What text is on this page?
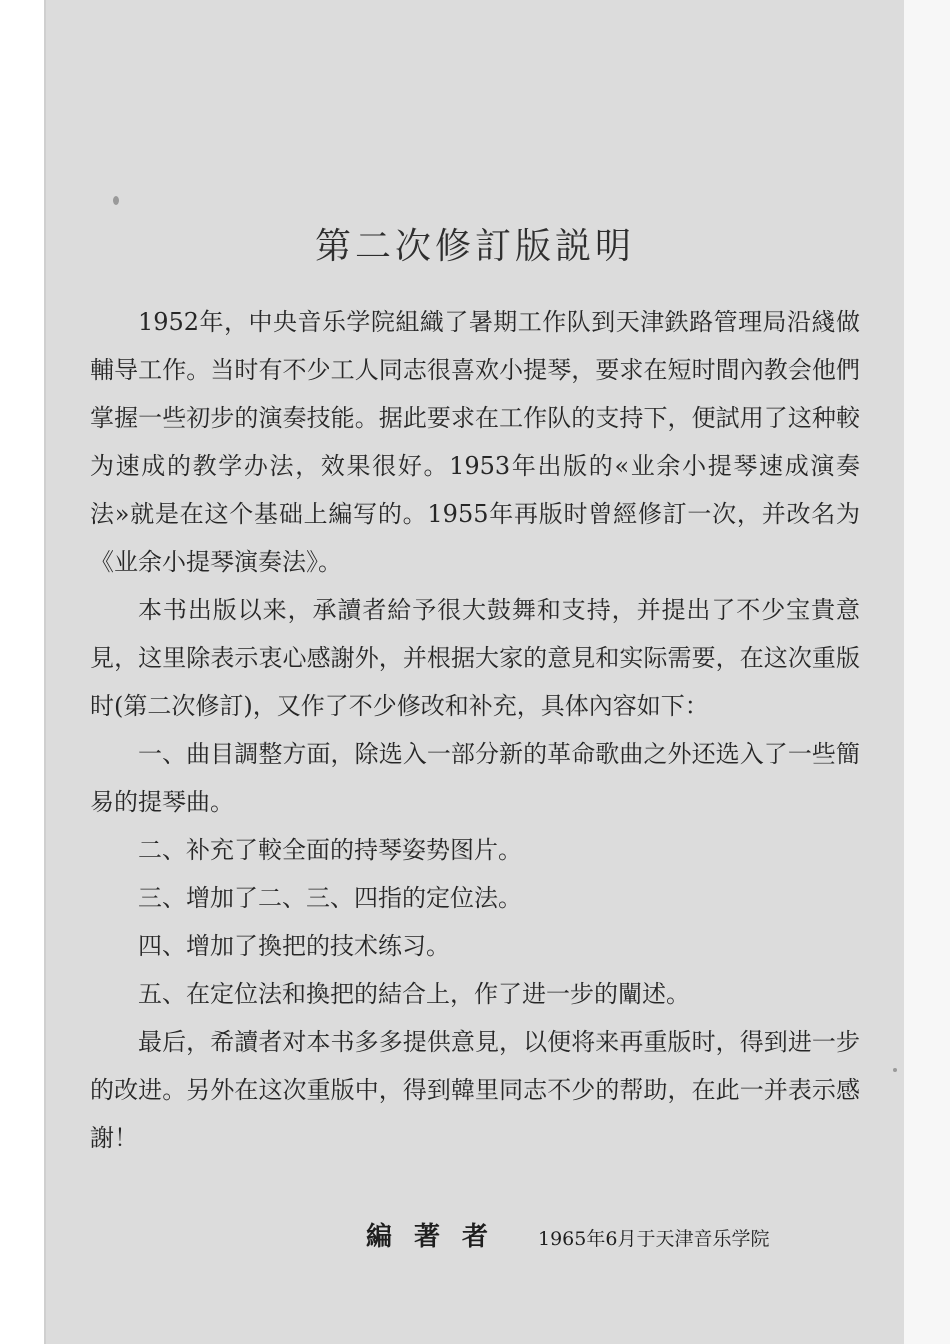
第二次修訂版説明

1952年，中央音乐学院組織了暑期工作队到天津鉄路管理局沿綫做輔导工作。当时有不少工人同志很喜欢小提琴，要求在短时間內教会他們掌握一些初步的演奏技能。据此要求在工作队的支持下，便試用了这种較为速成的教学办法，效果很好。1953年出版的«业余小提琴速成演奏法»就是在这个基础上編写的。1955年再版时曾經修訂一次，并改名为《业余小提琴演奏法》。

本书出版以来，承讀者給予很大鼓舞和支持，并提出了不少宝貴意見，这里除表示衷心感謝外，并根据大家的意見和实际需要，在这次重版时(第二次修訂)，又作了不少修改和补充，具体內容如下：

一、曲目調整方面，除选入一部分新的革命歌曲之外还选入了一些簡易的提琴曲。

二、补充了較全面的持琴姿势图片。

三、增加了二、三、四指的定位法。

四、增加了換把的技术练习。

五、在定位法和換把的結合上，作了进一步的闡述。

最后，希讀者对本书多多提供意見，以便将来再重版时，得到进一步的改进。另外在这次重版中，得到韓里同志不少的帮助，在此一并表示感謝！

編著者 1965年6月于天津音乐学院
